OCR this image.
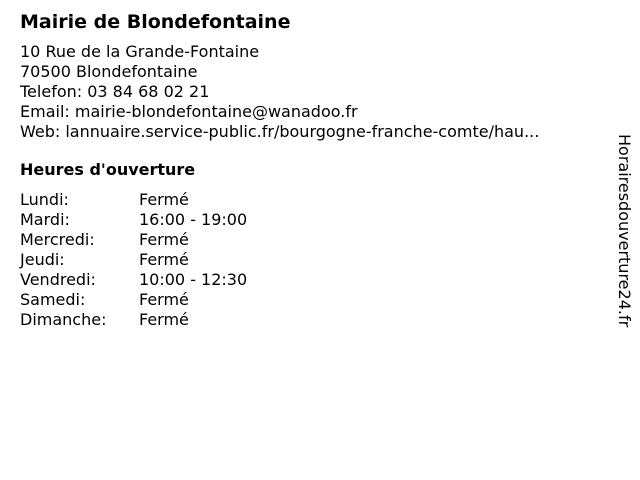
Mairie de Blondefontaine
10 Rue de la Grande-Fontaine
70500 Blondefontaine
Telefon: 03 84 68 02 21
Email: mairie-blondefontaine@wanadoo.fr
Web: lannuaire.service-public.fr/bourgogne-franche-comte/hau...
Heures d'ouverture
Lundi:	Fermé
Mardi:	16:00 - 19:00
Mercredi:	Fermé
Jeudi:	Fermé
Vendredi:	10:00 - 12:30
Samedi:	Fermé
Dimanche:	Fermé	Horairesdouverture24.fr
